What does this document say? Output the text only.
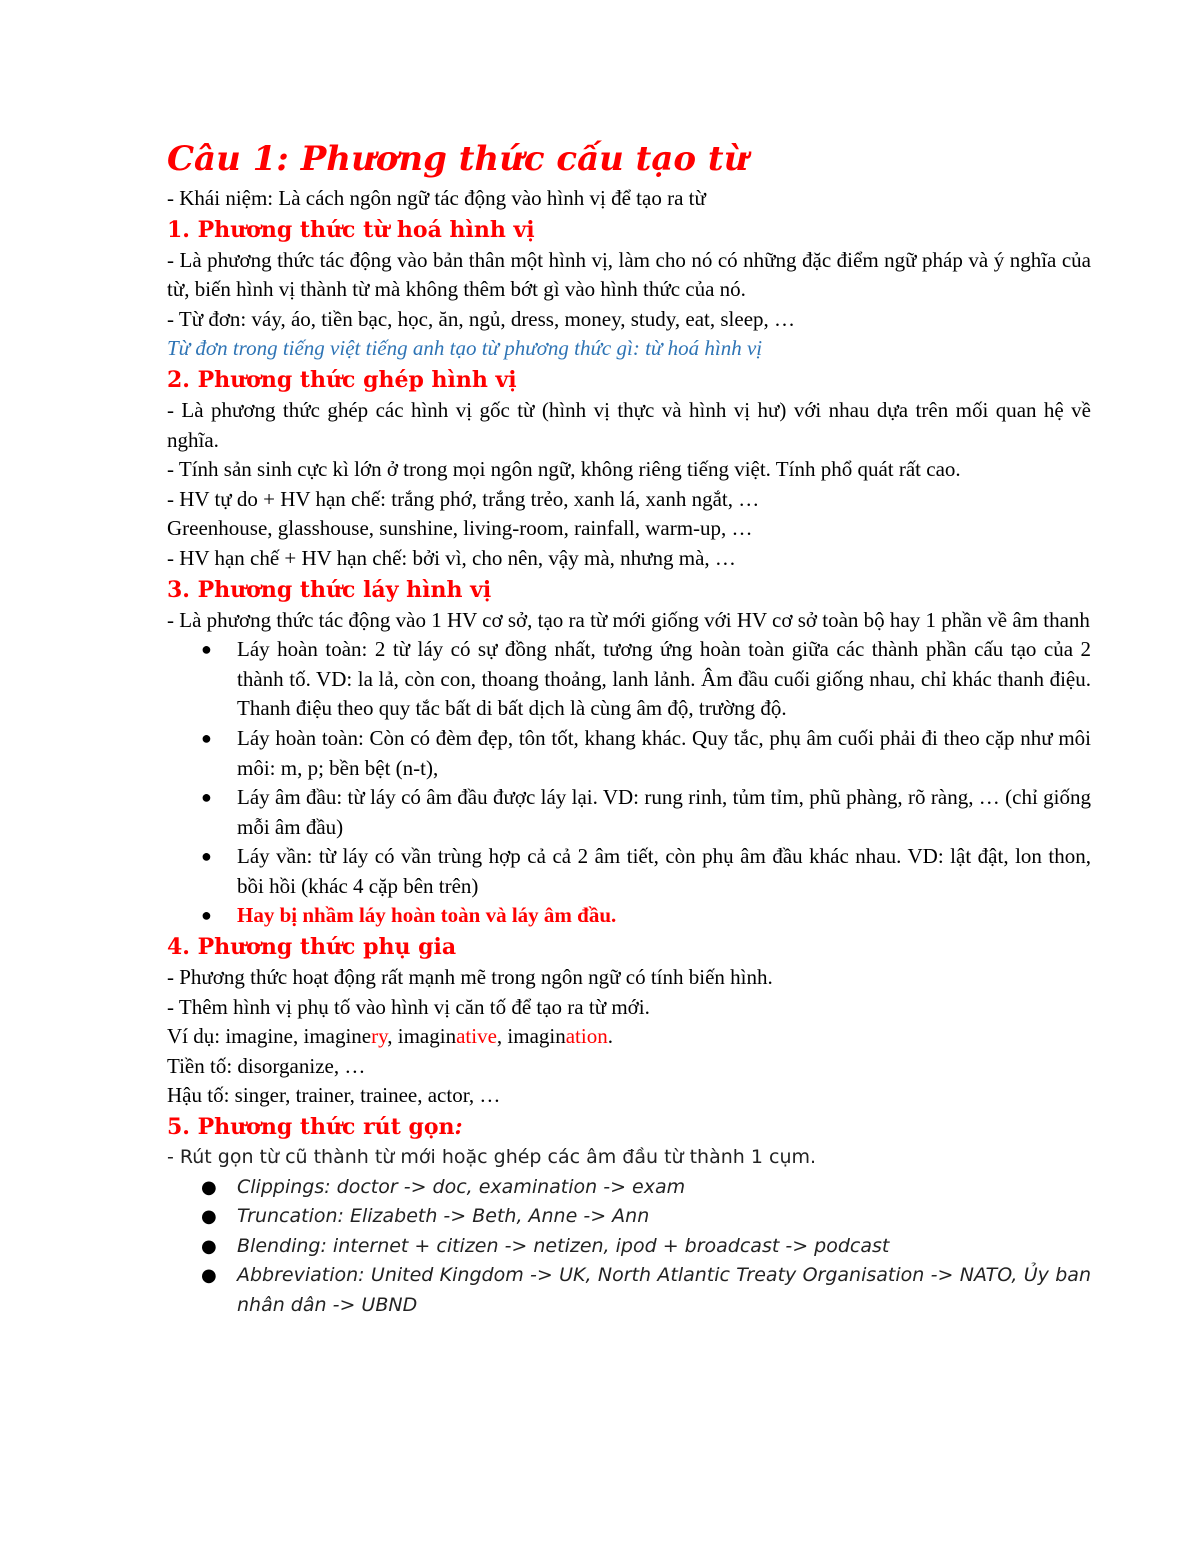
Câu 1: Phương thức cấu tạo từ

- Khái niệm: Là cách ngôn ngữ tác động vào hình vị để tạo ra từ

1. Phương thức từ hoá hình vị

- Là phương thức tác động vào bản thân một hình vị, làm cho nó có những đặc điểm ngữ pháp và ý nghĩa của từ, biến hình vị thành từ mà không thêm bớt gì vào hình thức của nó.

- Từ đơn: váy, áo, tiền bạc, học, ăn, ngủ, dress, money, study, eat, sleep, …

Từ đơn trong tiếng việt tiếng anh tạo từ phương thức gì: từ hoá hình vị

2. Phương thức ghép hình vị

- Là phương thức ghép các hình vị gốc từ (hình vị thực và hình vị hư) với nhau dựa trên mối quan hệ về nghĩa.

- Tính sản sinh cực kì lớn ở trong mọi ngôn ngữ, không riêng tiếng việt. Tính phổ quát rất cao.

- HV tự do + HV hạn chế: trắng phớ, trắng trẻo, xanh lá, xanh ngắt, …

Greenhouse, glasshouse, sunshine, living-room, rainfall, warm-up, …

- HV hạn chế + HV hạn chế: bởi vì, cho nên, vậy mà, nhưng mà, …

3. Phương thức láy hình vị

- Là phương thức tác động vào 1 HV cơ sở, tạo ra từ mới giống với HV cơ sở toàn bộ hay 1 phần về âm thanh

● Láy hoàn toàn: 2 từ láy có sự đồng nhất, tương ứng hoàn toàn giữa các thành phần cấu tạo của 2 thành tố. VD: la lả, còn con, thoang thoảng, lanh lảnh. Âm đầu cuối giống nhau, chỉ khác thanh điệu. Thanh điệu theo quy tắc bất di bất dịch là cùng âm độ, trường độ.
● Láy hoàn toàn: Còn có đèm đẹp, tôn tốt, khang khác. Quy tắc, phụ âm cuối phải đi theo cặp như môi môi: m, p; bền bệt (n-t),
● Láy âm đầu: từ láy có âm đầu được láy lại. VD: rung rinh, tủm tỉm, phũ phàng, rõ ràng, … (chỉ giống mỗi âm đầu)
● Láy vần: từ láy có vần trùng hợp cả cả 2 âm tiết, còn phụ âm đầu khác nhau. VD: lật đật, lon thon, bồi hồi (khác 4 cặp bên trên)
● Hay bị nhầm láy hoàn toàn và láy âm đầu.

4. Phương thức phụ gia

- Phương thức hoạt động rất mạnh mẽ trong ngôn ngữ có tính biến hình.

- Thêm hình vị phụ tố vào hình vị căn tố để tạo ra từ mới.

Ví dụ: imagine, imaginery, imaginative, imagination.

Tiền tố: disorganize, …

Hậu tố: singer, trainer, trainee, actor, …

5. Phương thức rút gọn:

- Rút gọn từ cũ thành từ mới hoặc ghép các âm đầu từ thành 1 cụm.

● Clippings: doctor -> doc, examination -> exam
● Truncation: Elizabeth -> Beth, Anne -> Ann
● Blending: internet + citizen -> netizen, ipod + broadcast -> podcast
● Abbreviation: United Kingdom -> UK, North Atlantic Treaty Organisation -> NATO, Ủy ban nhân dân -> UBND
